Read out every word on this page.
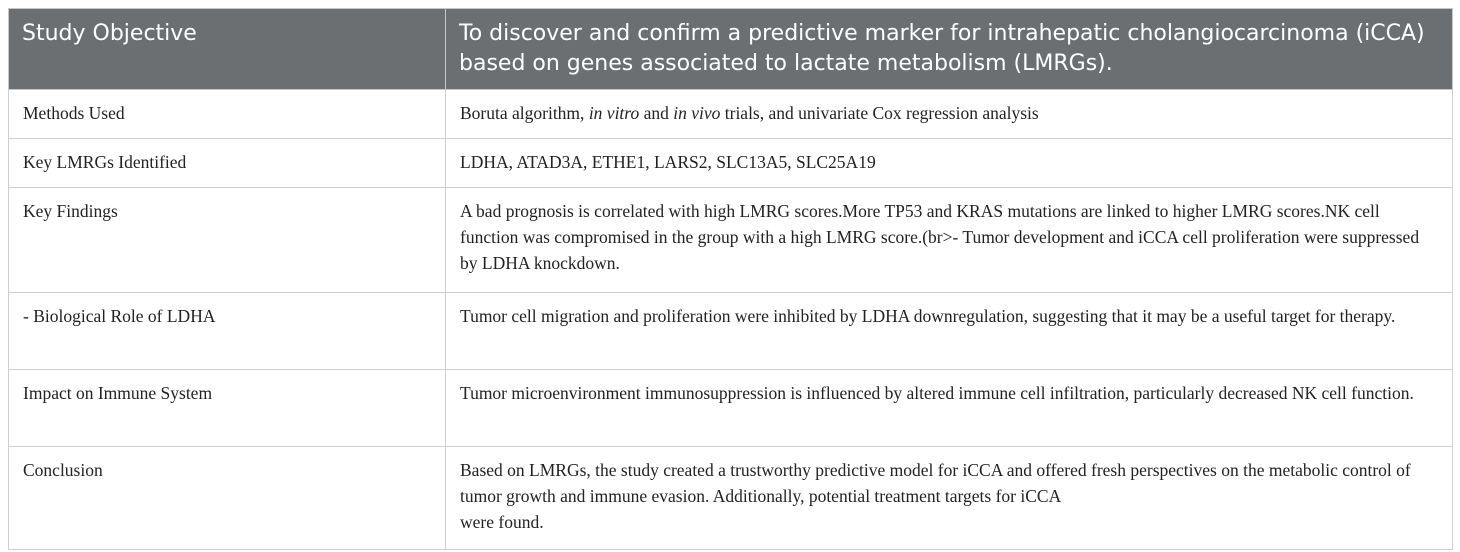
Study Objective	To discover and confirm a predictive marker for intrahepatic cholangiocarcinoma (iCCA) based on genes associated to lactate metabolism (LMRGs).
Methods Used	Boruta algorithm, in vitro and in vivo trials, and univariate Cox regression analysis
Key LMRGs Identified	LDHA, ATAD3A, ETHE1, LARS2, SLC13A5, SLC25A19
Key Findings	A bad prognosis is correlated with high LMRG scores.More TP53 and KRAS mutations are linked to higher LMRG scores.NK cell function was compromised in the group with a high LMRG score.(br>- Tumor development and iCCA cell proliferation were suppressed by LDHA knockdown.
- Biological Role of LDHA	Tumor cell migration and proliferation were inhibited by LDHA downregulation, suggesting that it may be a useful target for therapy.
Impact on Immune System	Tumor microenvironment immunosuppression is influenced by altered immune cell infiltration, particularly decreased NK cell function.
Conclusion	Based on LMRGs, the study created a trustworthy predictive model for iCCA and offered fresh perspectives on the metabolic control of tumor growth and immune evasion. Additionally, potential treatment targets for iCCA
were found.
